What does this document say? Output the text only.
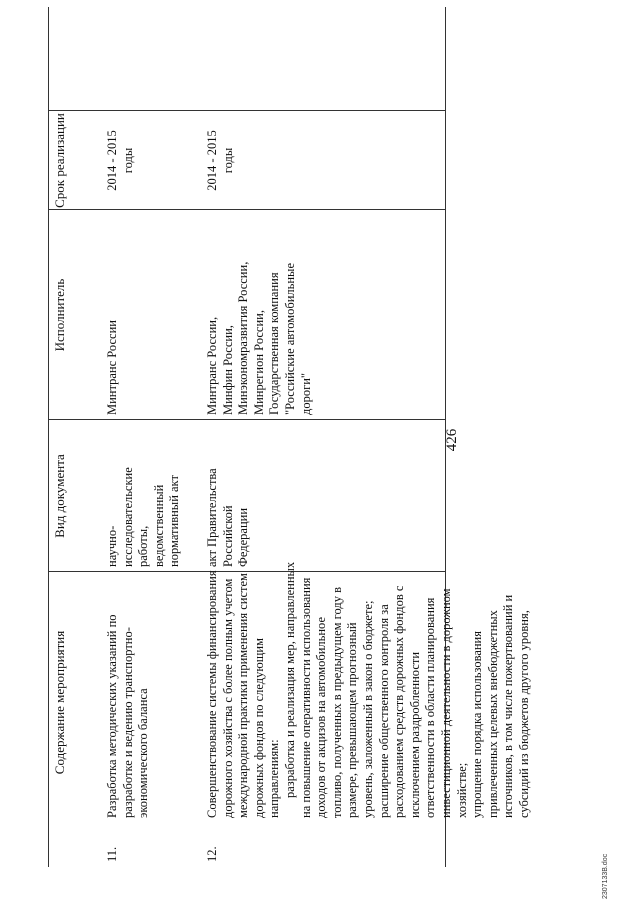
426
Содержание мероприятия
Вид документа
Исполнитель
Срок реализации
11.
Разработка методических указаний по разработке и ведению транспортно- экономического баланса
научно- исследовательские работы, ведомственный нормативный акт
Минтранс России
2014 - 2015 годы
12.
Совершенствование системы финансирования дорожного хозяйства с более полным учетом международной практики применения систем дорожных фондов по следующим направлениям: разработка и реализация мер, направленных на повышение оперативности использования доходов от акцизов на автомобильное топливо, полученных в предыдущем году в размере, превышающем прогнозный уровень, заложенный в закон о бюджете; расширение общественного контроля за расходованием средств дорожных фондов с исключением раздробленности ответственности в области планирования инвестиционной деятельности в дорожном хозяйстве; упрощение порядка использования привлеченных целевых внебюджетных источников, в том числе пожертвований и субсидий из бюджетов другого уровня,
акт Правительства Российской Федерации
Минтранс России, Минфин России, Минэкономразвития России, Минрегион России, Государственная компания "Российские автомобильные дороги"
2014 - 2015 годы
2307133B.doc
